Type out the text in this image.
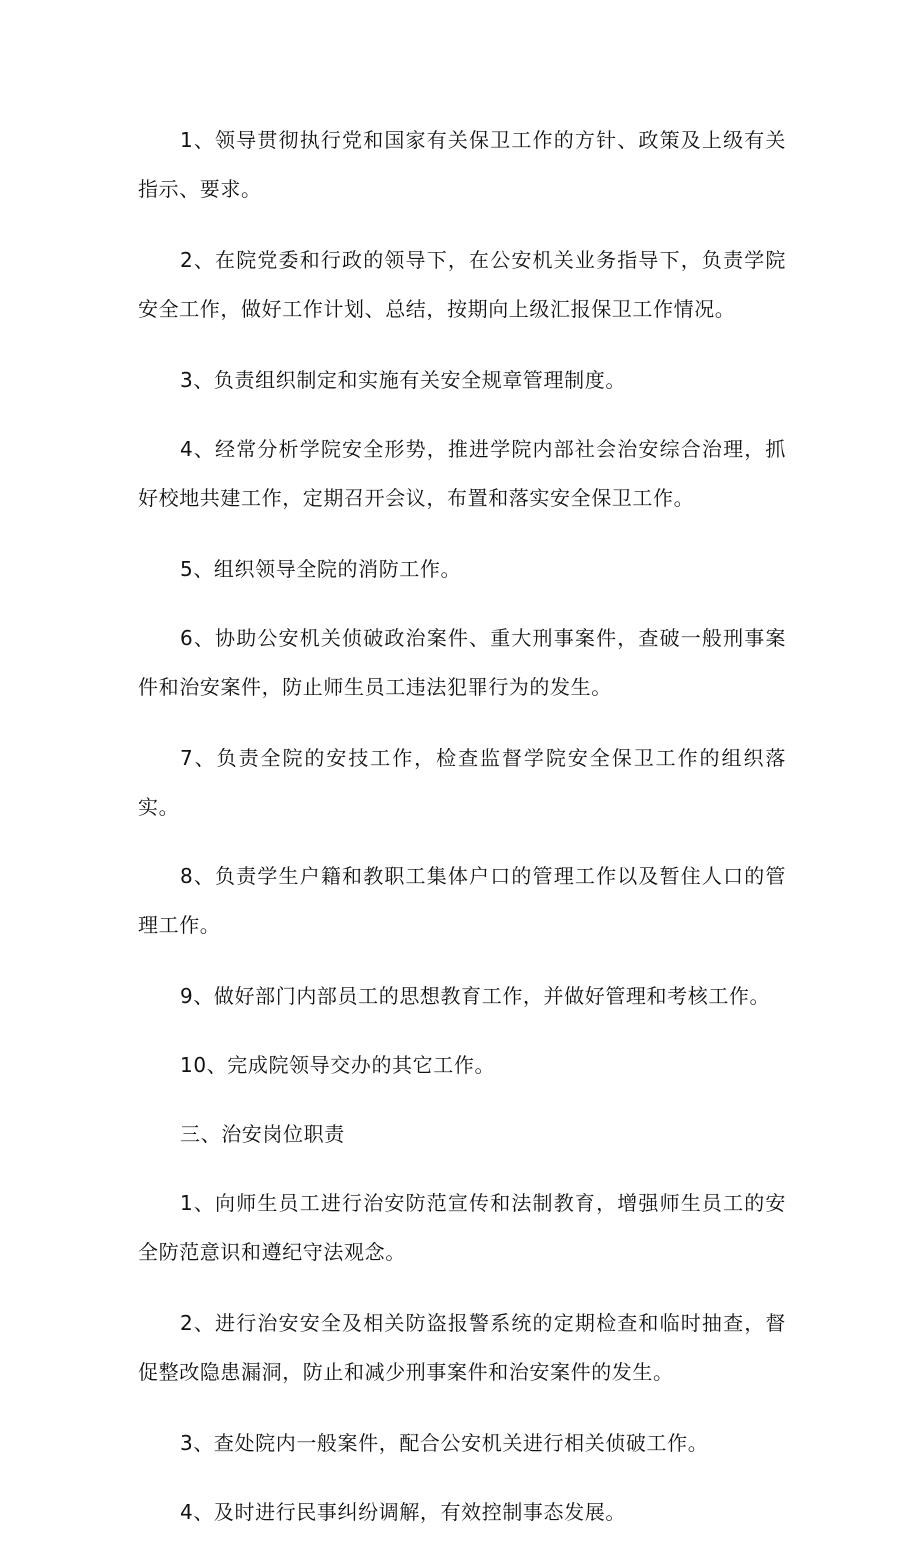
1、领导贯彻执行党和国家有关保卫工作的方针、政策及上级有关指示、要求。

2、在院党委和行政的领导下，在公安机关业务指导下，负责学院安全工作，做好工作计划、总结，按期向上级汇报保卫工作情况。

3、负责组织制定和实施有关安全规章管理制度。

4、经常分析学院安全形势，推进学院内部社会治安综合治理，抓好校地共建工作，定期召开会议，布置和落实安全保卫工作。

5、组织领导全院的消防工作。

6、协助公安机关侦破政治案件、重大刑事案件，查破一般刑事案件和治安案件，防止师生员工违法犯罪行为的发生。

7、负责全院的安技工作，检查监督学院安全保卫工作的组织落实。

8、负责学生户籍和教职工集体户口的管理工作以及暂住人口的管理工作。

9、做好部门内部员工的思想教育工作，并做好管理和考核工作。

10、完成院领导交办的其它工作。

三、治安岗位职责

1、向师生员工进行治安防范宣传和法制教育，增强师生员工的安全防范意识和遵纪守法观念。

2、进行治安安全及相关防盗报警系统的定期检查和临时抽查，督促整改隐患漏洞，防止和减少刑事案件和治安案件的发生。

3、查处院内一般案件，配合公安机关进行相关侦破工作。

4、及时进行民事纠纷调解，有效控制事态发展。
